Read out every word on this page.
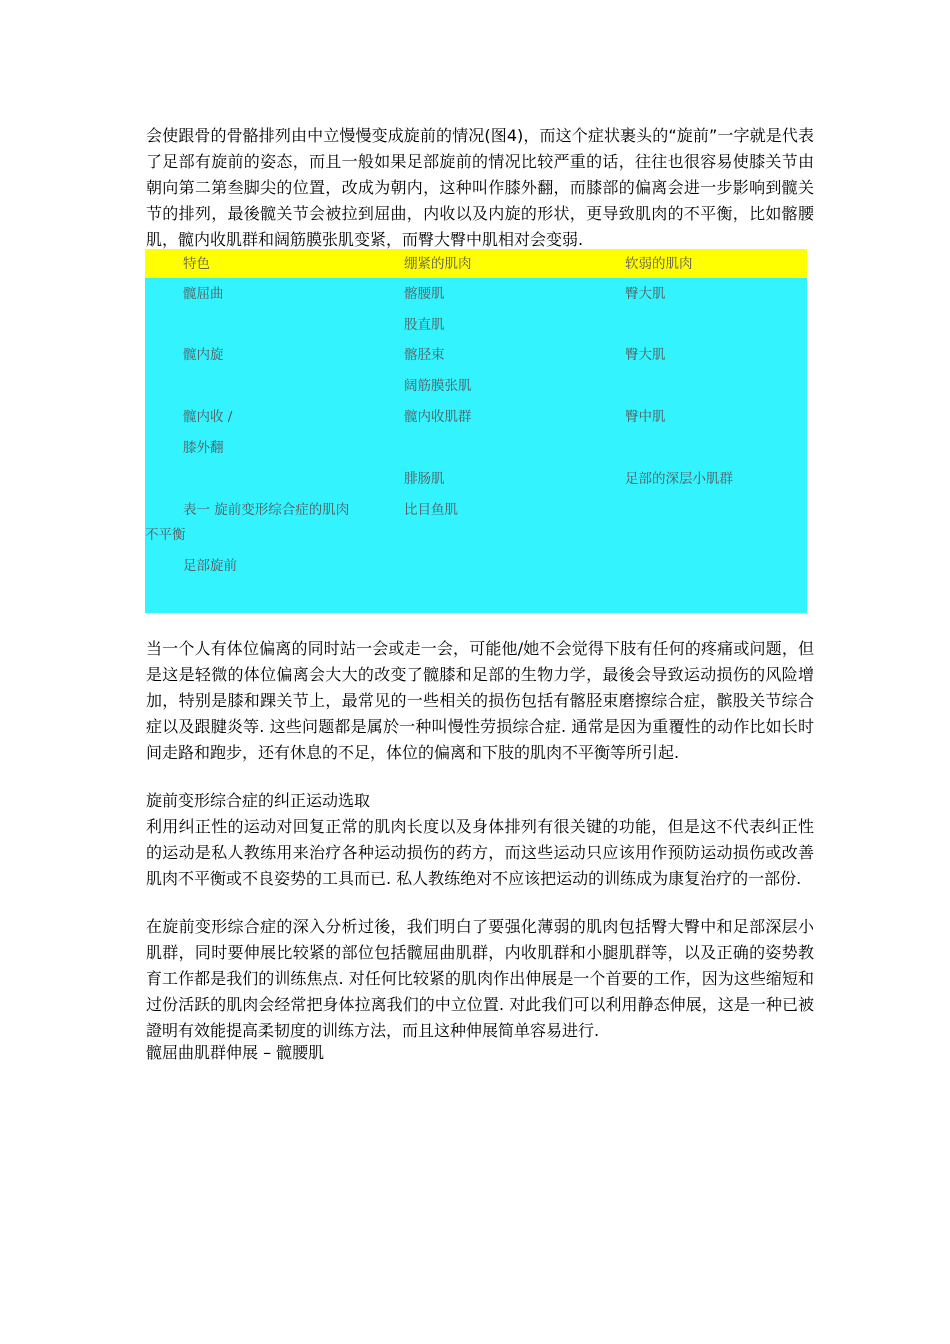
会使跟骨的骨骼排列由中立慢慢变成旋前的情况(图4)，而这个症状裹头的“旋前”一字就是代表了足部有旋前的姿态，而且一般如果足部旋前的情况比较严重的话，往往也很容易使膝关节由朝向第二第叁脚尖的位置，改成为朝内，这种叫作膝外翻，而膝部的偏离会进一步影响到髋关节的排列，最後髋关节会被拉到屈曲，内收以及内旋的形状，更导致肌肉的不平衡，比如髂腰肌，髋内收肌群和阔筋膜张肌变紧，而臀大臀中肌相对会变弱.
特色	绷紧的肌肉	软弱的肌肉
髋屈曲
髋内旋
髋内收 /
膝外翻
表一 旋前变形综合症的肌肉
不平衡
足部旋前
髂腰肌
股直肌
髂胫束
阔筋膜张肌
髋内收肌群
腓肠肌
比目鱼肌
臀大肌
臀大肌
臀中肌
足部的深层小肌群
当一个人有体位偏离的同时站一会或走一会，可能他/她不会觉得下肢有任何的疼痛或问题，但是这是轻微的体位偏离会大大的改变了髋膝和足部的生物力学，最後会导致运动损伤的风险增加，特别是膝和踝关节上，最常见的一些相关的损伤包括有髂胫束磨擦综合症，髌股关节综合症以及跟腱炎等. 这些问题都是属於一种叫慢性劳损综合症. 通常是因为重覆性的动作比如长时间走路和跑步，还有休息的不足，体位的偏离和下肢的肌肉不平衡等所引起.
旋前变形综合症的纠正运动选取
利用纠正性的运动对回复正常的肌肉长度以及身体排列有很关键的功能，但是这不代表纠正性的运动是私人教练用来治疗各种运动损伤的药方，而这些运动只应该用作预防运动损伤或改善肌肉不平衡或不良姿势的工具而已. 私人教练绝对不应该把运动的训练成为康复治疗的一部份.
在旋前变形综合症的深入分析过後，我们明白了要强化薄弱的肌肉包括臀大臀中和足部深层小肌群，同时要伸展比较紧的部位包括髋屈曲肌群，内收肌群和小腿肌群等，以及正确的姿势教育工作都是我们的训练焦点. 对任何比较紧的肌肉作出伸展是一个首要的工作，因为这些缩短和过份活跃的肌肉会经常把身体拉离我们的中立位置. 对此我们可以利用静态伸展，这是一种已被證明有效能提高柔韧度的训练方法，而且这种伸展简单容易进行.
髋屈曲肌群伸展 – 髋腰肌
